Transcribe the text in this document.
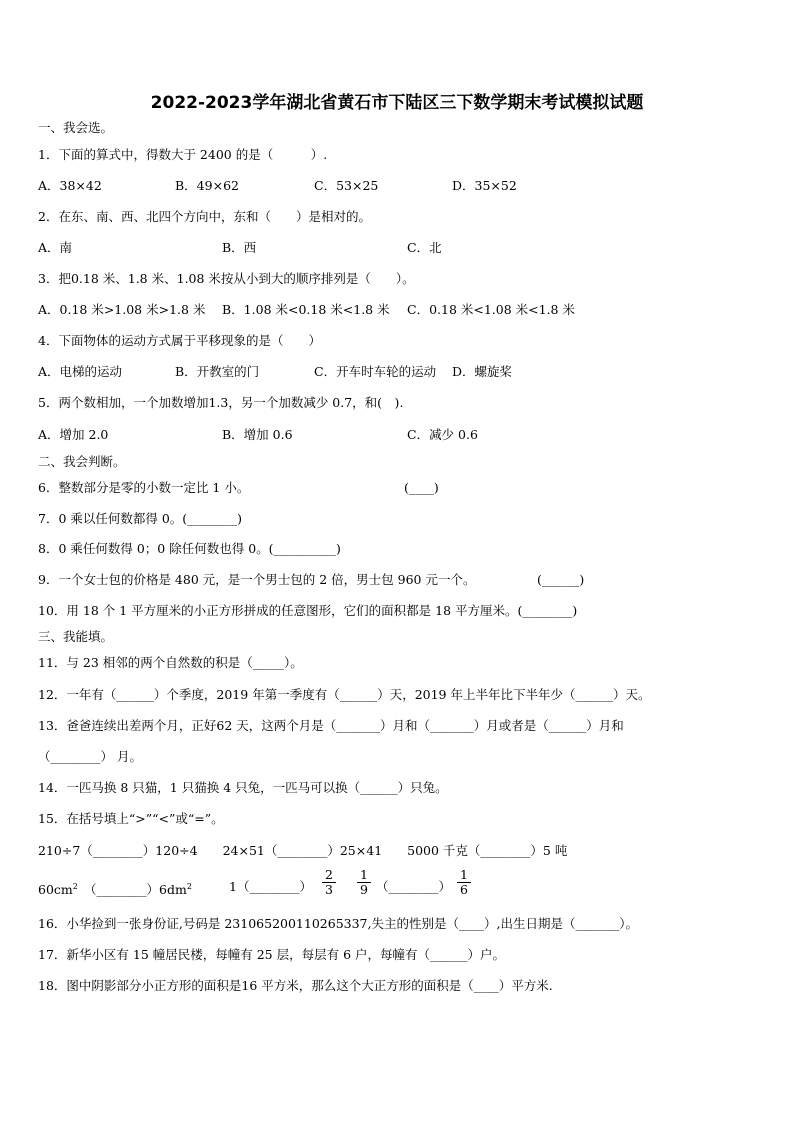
2022-2023学年湖北省黄石市下陆区三下数学期末考试模拟试题
一、我会选。
1．下面的算式中，得数大于 2400 的是（　　　）.
A．38×42	B．49×62	C．53×25	D．35×52
2．在东、南、西、北四个方向中，东和（　　）是相对的。
A．南	B．西	C．北
3．把0.18 米、1.8 米、1.08 米按从小到大的顺序排列是（　　）。
A．0.18 米>1.08 米>1.8 米 B．1.08 米<0.18 米<1.8 米 C．0.18 米<1.08 米<1.8 米
4．下面物体的运动方式属于平移现象的是（　　）
A．电梯的运动	B．开教室的门	C．开车时车轮的运动 D．螺旋桨
5．两个数相加，一个加数增加1.3，另一个加数减少 0.7，和(　).
A．增加 2.0	B．增加 0.6	C．减少 0.6
二、我会判断。
6．整数部分是零的小数一定比 1 小。	(____)
7．0 乘以任何数都得 0。(________)
8．0 乘任何数得 0；0 除任何数也得 0。(__________)
9．一个女士包的价格是 480 元，是一个男士包的 2 倍，男士包 960 元一个。	(______)
10．用 18 个 1 平方厘米的小正方形拼成的任意图形，它们的面积都是 18 平方厘米。(________)
三、我能填。
11．与 23 相邻的两个自然数的积是（_____）。
12．一年有（______）个季度，2019 年第一季度有（______）天，2019 年上半年比下半年少（______）天。
13．爸爸连续出差两个月，正好62 天，这两个月是（_______）月和（_______）月或者是（______）月和
（________） 月。
14．一匹马换 8 只猫，1 只猫换 4 只兔，一匹马可以换（______）只兔。
15．在括号填上“>”“<”或“=”。
210÷7（________）120÷4　　24×51（________）25×41　　5000 千克（________）5 吨
$60cm^2$ $(\_\_\_\_\_\_\_\_)6dm^2$	1（________） $\frac{2}{3} \frac{1}{9}$ （________） $\frac{1}{6}$
16．小华捡到一张身份证,号码是 231065200110265337,失主的性别是（____）,出生日期是（_______）。
17．新华小区有 15 幢居民楼，每幢有 25 层，每层有 6 户，每幢有（______）户。
18．图中阴影部分小正方形的面积是16 平方米，那么这个大正方形的面积是（____）平方米.
